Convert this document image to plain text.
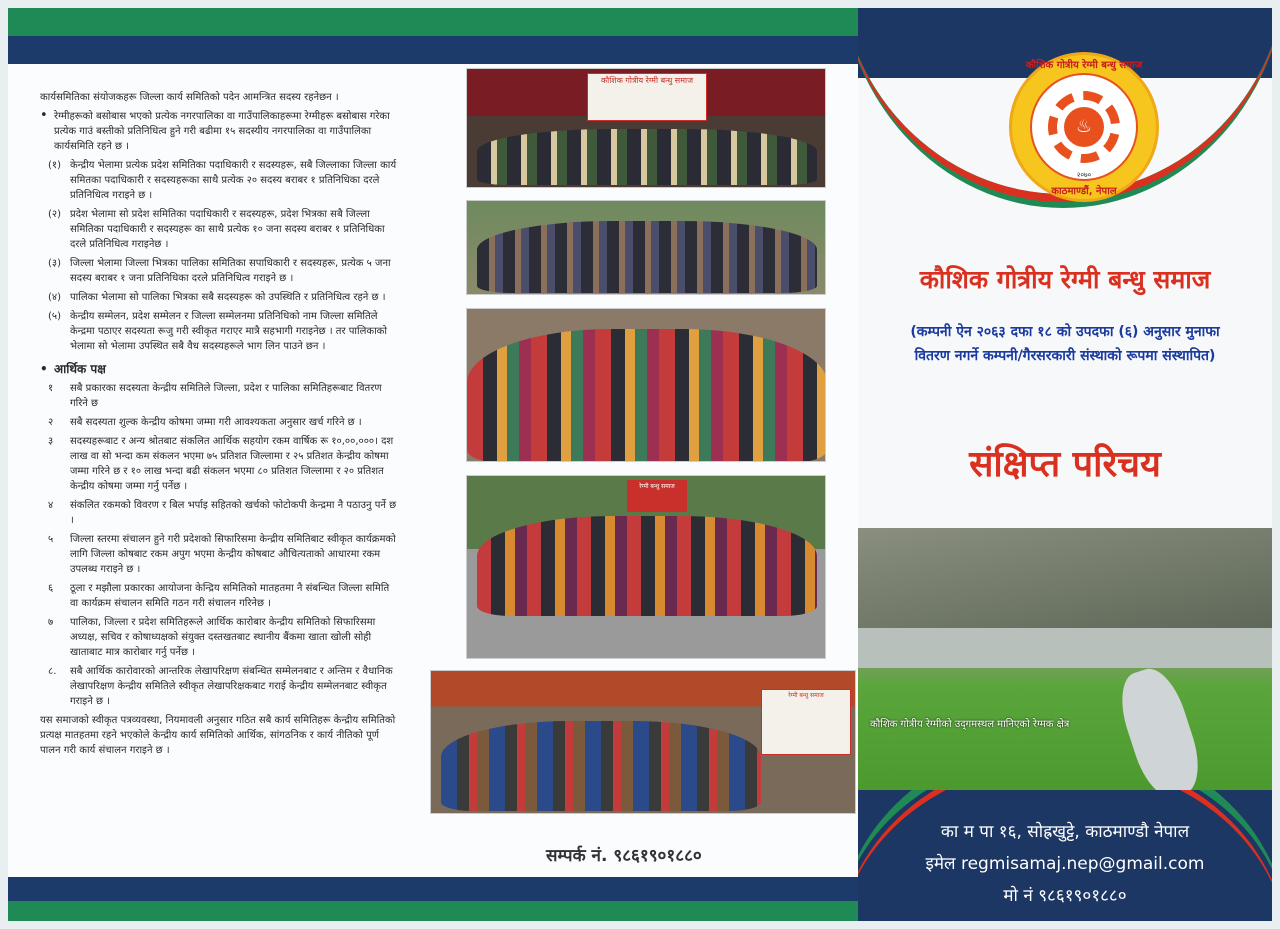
कार्यसमितिका संयोजकहरू जिल्ला कार्य समितिको पदेन आमन्त्रित सदस्य रहनेछन ।
• रेग्मीहरूको बसोबास भएको प्रत्येक नगरपालिका वा गाउँपालिकाहरूमा रेग्मीहरू बसोबास गरेका प्रत्येक गाउं बस्तीको प्रतिनिधित्व हुने गरी बढीमा १५ सदस्यीय नगरपालिका वा गाउँपालिका कार्यसमिति रहने छ ।
(१) केन्द्रीय भेलामा प्रत्येक प्रदेश समितिका पदाधिकारी र सदस्यहरू, सबै जिल्लाका जिल्ला कार्य समितका पदाधिकारी र सदस्यहरूका साथै प्रत्येक २० सदस्य बराबर १ प्रतिनिधिका दरले प्रतिनिधित्व गराइने छ ।
(२) प्रदेश भेलामा सो प्रदेश समितिका पदाधिकारी र सदस्यहरू, प्रदेश भित्रका सबै जिल्ला समितिका पदाधिकारी र सदस्यहरू का साथै प्रत्येक १० जना सदस्य बराबर १ प्रतिनिधिका दरले प्रतिनिधित्व गराइनेछ ।
(३) जिल्ला भेलामा जिल्ला भित्रका पालिका समितिका सपाधिकारी र सदस्यहरू, प्रत्येक ५ जना सदस्य बराबर १ जना प्रतिनिधिका दरले प्रतिनिधित्व गराइने छ ।
(४) पालिका भेलामा सो पालिका भित्रका सबै सदस्यहरू को उपस्थिति र प्रतिनिधित्व रहने छ ।
(५) केन्द्रीय सम्मेलन, प्रदेश सम्मेलन र जिल्ला सम्मेलनमा प्रतिनिधिको नाम जिल्ला समितिले केन्द्रमा पठाएर सदस्यता रूजु गरी स्वीकृत गराएर मात्रै सहभागी गराइनेछ । तर पालिकाको भेलामा सो भेलामा उपस्थित सबै वैध सदस्यहरूले भाग लिन पाउने छन ।
• आर्थिक पक्ष
१	सबै प्रकारका सदस्यता केन्द्रीय समितिले जिल्ला, प्रदेश र पालिका समितिहरूबाट वितरण गरिने छ
२	सबै सदस्यता शुल्क केन्द्रीय कोषमा जम्मा गरी आवश्यकता अनुसार खर्च गरिने छ ।
३	सदस्यहरूबाट र अन्य श्रोतबाट संकलित आर्थिक सहयोग रकम वार्षिक रू १०,००,०००। दश लाख वा सो भन्दा कम संकलन भएमा ७५ प्रतिशत जिल्लामा र २५ प्रतिशत केन्द्रीय कोषमा जम्मा गरिने छ र १० लाख भन्दा बढी संकलन भएमा ८० प्रतिशत जिल्लामा र २० प्रतिशत केन्द्रीय कोषमा जम्मा गर्नु पर्नेछ ।
४	संकलित रकमको विवरण र बिल भर्पाइ सहितको खर्चको फोटोकपी केन्द्रमा नै पठाउनु पर्ने छ ।
५	जिल्ला स्तरमा संचालन हुने गरी प्रदेशको सिफारिसमा केन्द्रीय समितिबाट स्वीकृत कार्यक्रमको लागि जिल्ला कोषबाट रकम अपुग भएमा केन्द्रीय कोषबाट औचित्यताको आधारमा रकम उपलब्ध गराइने छ ।
६	ठूला र मझौला प्रकारका आयोजना केन्द्रिय समितिको मातहतमा नै संबन्धित जिल्ला समिति वा कार्यक्रम संचालन समिति गठन गरी संचालन गरिनेछ ।
७	पालिका, जिल्ला र प्रदेश समितिहरूले आर्थिक कारोबार केन्द्रीय समितिको सिफारिसमा अध्यक्ष, सचिव र कोषाध्यक्षको संयुक्त दस्तखतबाट स्थानीय बैंकमा खाता खोली सोही खाताबाट मात्र कारोबार गर्नु पर्नेछ ।
८.	सबै आर्थिक कारोवारको आन्तरिक लेखापरिक्षण संबन्धित सम्मेलनबाट र अन्तिम र वैधानिक लेखापरिक्षण केन्द्रीय समितिले स्वीकृत लेखापरिक्षकबाट गराई केन्द्रीय सम्मेलनबाट स्वीकृत गराइने छ ।
यस समाजको स्वीकृत पत्रव्यवस्था, नियमावली अनुसार गठित सबै कार्य समितिहरू केन्द्रीय समितिको प्रत्यक्ष मातहतमा रहने भएकोले केन्द्रीय कार्य समितिको आर्थिक, सांगठनिक र कार्य नीतिको पूर्ण पालन गरी कार्य संचालन गराइने छ ।
कौशिक गोत्रीय रेग्मी बन्धु समाज
रेग्मी बन्धु समाज
रेग्मी बन्धु समाज
सम्पर्क नं. ९८६१९०१८८०
कौशिक गोत्रीय रेग्मी बन्धु समाज
♨
२०७०
काठमाण्डौं, नेपाल
कौशिक गोत्रीय रेग्मी बन्धु समाज
(कम्पनी ऐन २०६३ दफा १८ को उपदफा (६) अनुसार मुनाफा वितरण नगर्ने कम्पनी/गैरसरकारी संस्थाको रूपमा संस्थापित)
संक्षिप्त परिचय
कौशिक गोत्रीय रेग्मीको उद्‌गमस्थल मानिएको रेग्मक क्षेत्र
का म पा १६, सोह्रखुट्टे, काठमाण्डौ नेपाल
इमेल regmisamaj.nep@gmail.com
मो नं ९८६१९०१८८०
